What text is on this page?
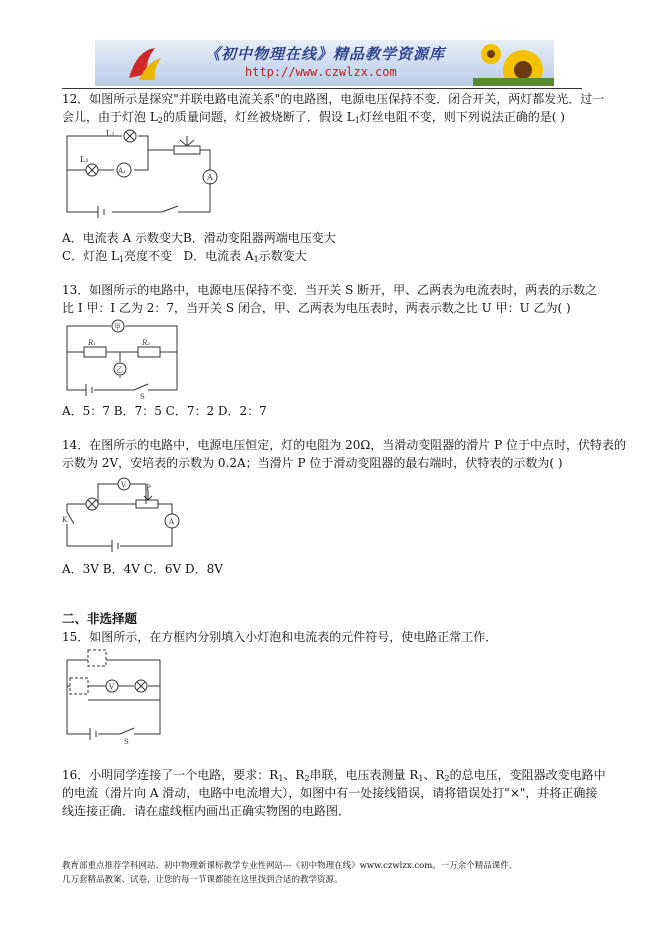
《初中物理在线》精品教学资源库
http://www.czwlzx.com
12．如图所示是探究"并联电路电流关系"的电路图，电源电压保持不变．闭合开关，两灯都发光．过一
会儿，由于灯泡 L2的质量问题，灯丝被烧断了．假设 L1灯丝电阻不变，则下列说法正确的是( )
L₂
L₁
A₁
A
A．电流表 A 示数变大B．滑动变阻器两端电压变大
C．灯泡 L1亮度不变 D．电流表 A1示数变大
13．如图所示的电路中，电源电压保持不变．当开关 S 断开，甲、乙两表为电流表时，两表的示数之
比 I 甲：I 乙为 2：7，当开关 S 闭合，甲、乙两表为电压表时，两表示数之比 U 甲：U 乙为( )
甲
乙
R₁	R₂
S
A．5：7 B．7：5 C．7：2 D．2：7
14．在图所示的电路中，电源电压恒定，灯的电阻为 20Ω，当滑动变阻器的滑片 P 位于中点时，伏特表的
示数为 2V，安培表的示数为 0.2A；当滑片 P 位于滑动变阻器的最右端时，伏特表的示数为( )
V	P
A
K
A．3V B．4V C．6V D．8V
二、非选择题
15．如图所示，在方框内分别填入小灯泡和电流表的元件符号，使电路正常工作．
V
S
16．小明同学连接了一个电路，要求：R1、R2串联，电压表测量 R1、R2的总电压，变阻器改变电路中
的电流（滑片向 A 滑动，电路中电流增大），如图中有一处接线错误，请将错误处打"×"，并将正确接
线连接正确．请在虚线框内画出正确实物图的电路图．
教育部重点推荐学科网站、初中物理新课标教学专业性网站---《初中物理在线》www.czwlzx.com。一万余个精品课件、
几万套精品教案、试卷，让您的每一节课都能在这里找到合适的教学资源。
